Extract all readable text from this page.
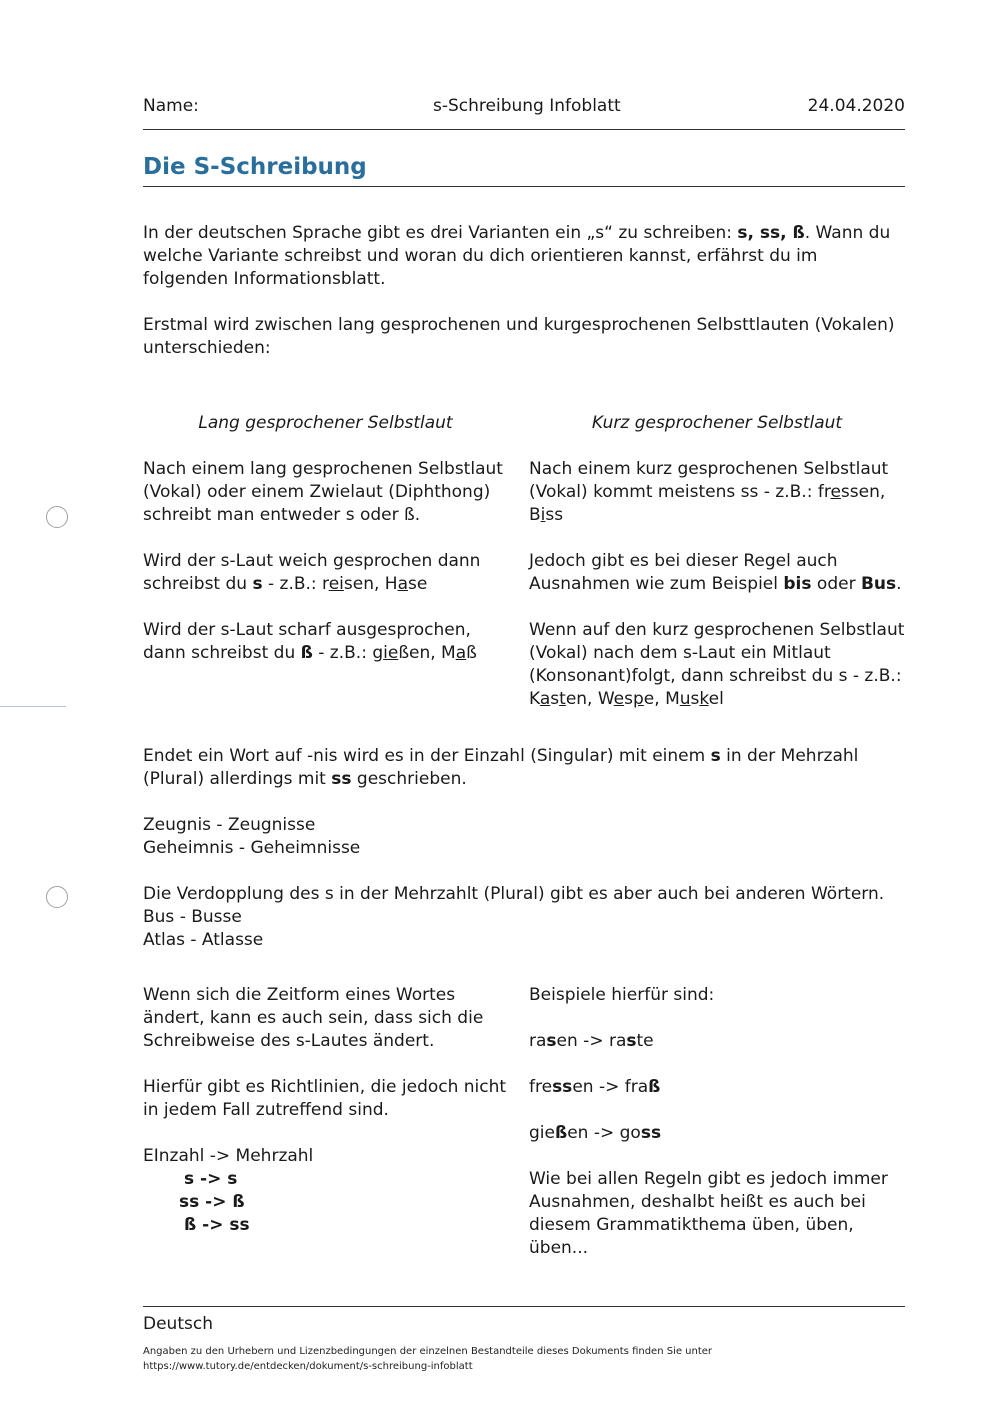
Name:	s-Schreibung Infoblatt	24.04.2020
Die S-Schreibung

In der deutschen Sprache gibt es drei Varianten ein „s“ zu schreiben: s, ss, ß. Wann du welche Variante schreibst und woran du dich orientieren kannst, erfährst du im folgenden Informationsblatt.

Erstmal wird zwischen lang gesprochenen und kurgesprochenen Selbsttlauten (Vokalen) unterschieden:

Lang gesprochener Selbstlaut

Nach einem lang gesprochenen Selbstlaut (Vokal) oder einem Zwielaut (Diphthong) schreibt man entweder s oder ß.

Wird der s-Laut weich gesprochen dann schreibst du s - z.B.: reisen, Hase

Wird der s-Laut scharf ausgesprochen, dann schreibst du ß - z.B.: gießen, Maß

Kurz gesprochener Selbstlaut

Nach einem kurz gesprochenen Selbstlaut (Vokal) kommt meistens ss - z.B.: fressen, Biss

Jedoch gibt es bei dieser Regel auch Ausnahmen wie zum Beispiel bis oder Bus.

Wenn auf den kurz gesprochenen Selbstlaut (Vokal) nach dem s-Laut ein Mitlaut (Konsonant)folgt, dann schreibst du s - z.B.: Kasten, Wespe, Muskel

Endet ein Wort auf -nis wird es in der Einzahl (Singular) mit einem s in der Mehrzahl (Plural) allerdings mit ss geschrieben.

Zeugnis - Zeugnisse

Geheimnis - Geheimnisse

Die Verdopplung des s in der Mehrzahlt (Plural) gibt es aber auch bei anderen Wörtern.

Bus - Busse

Atlas - Atlasse

Wenn sich die Zeitform eines Wortes ändert, kann es auch sein, dass sich die Schreibweise des s-Lautes ändert.

Hierfür gibt es Richtlinien, die jedoch nicht in jedem Fall zutreffend sind.

EInzahl -> Mehrzahl

s -> s

ss -> ß

ß -> ss

Beispiele hierfür sind:

rasen -> raste

fressen -> fraß

gießen -> goss

Wie bei allen Regeln gibt es jedoch immer Ausnahmen, deshalbt heißt es auch bei diesem Grammatikthema üben, üben, üben...

Deutsch

Angaben zu den Urhebern und Lizenzbedingungen der einzelnen Bestandteile dieses Dokuments finden Sie unter

https://www.tutory.de/entdecken/dokument/s-schreibung-infoblatt
